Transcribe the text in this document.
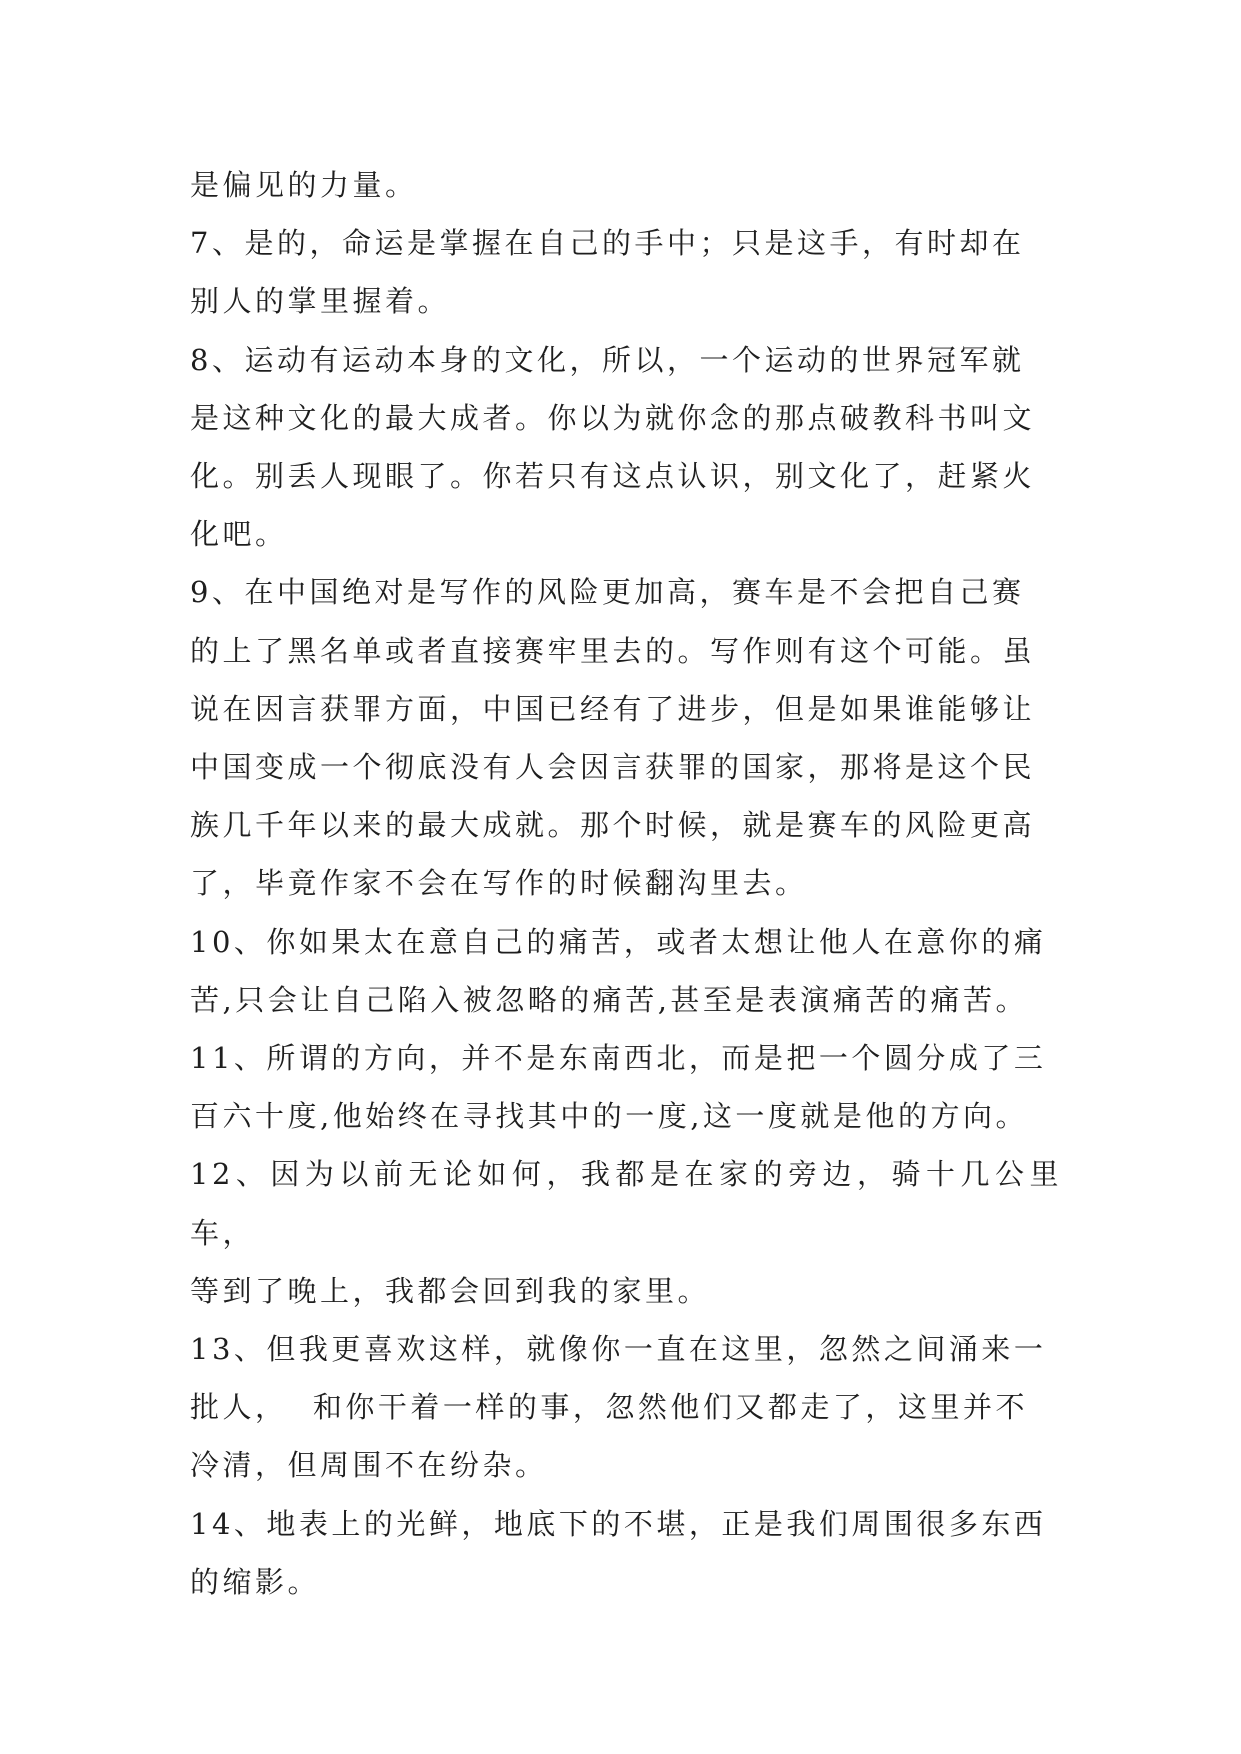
是偏见的力量。

7、是的，命运是掌握在自己的手中；只是这手，有时却在

别人的掌里握着。

8、运动有运动本身的文化，所以，一个运动的世界冠军就

是这种文化的最大成者。你以为就你念的那点破教科书叫文

化。别丢人现眼了。你若只有这点认识，别文化了，赶紧火

化吧。

9、在中国绝对是写作的风险更加高，赛车是不会把自己赛

的上了黑名单或者直接赛牢里去的。写作则有这个可能。虽

说在因言获罪方面，中国已经有了进步，但是如果谁能够让

中国变成一个彻底没有人会因言获罪的国家，那将是这个民

族几千年以来的最大成就。那个时候，就是赛车的风险更高

了，毕竟作家不会在写作的时候翻沟里去。

10、你如果太在意自己的痛苦，或者太想让他人在意你的痛

苦,只会让自己陷入被忽略的痛苦,甚至是表演痛苦的痛苦。

11、所谓的方向，并不是东南西北，而是把一个圆分成了三

百六十度,他始终在寻找其中的一度,这一度就是他的方向。

12、因为以前无论如何，我都是在家的旁边，骑十几公里车，

等到了晚上，我都会回到我的家里。

13、但我更喜欢这样，就像你一直在这里，忽然之间涌来一

批人，  和你干着一样的事，忽然他们又都走了，这里并不

冷清，但周围不在纷杂。

14、地表上的光鲜，地底下的不堪，正是我们周围很多东西

的缩影。
